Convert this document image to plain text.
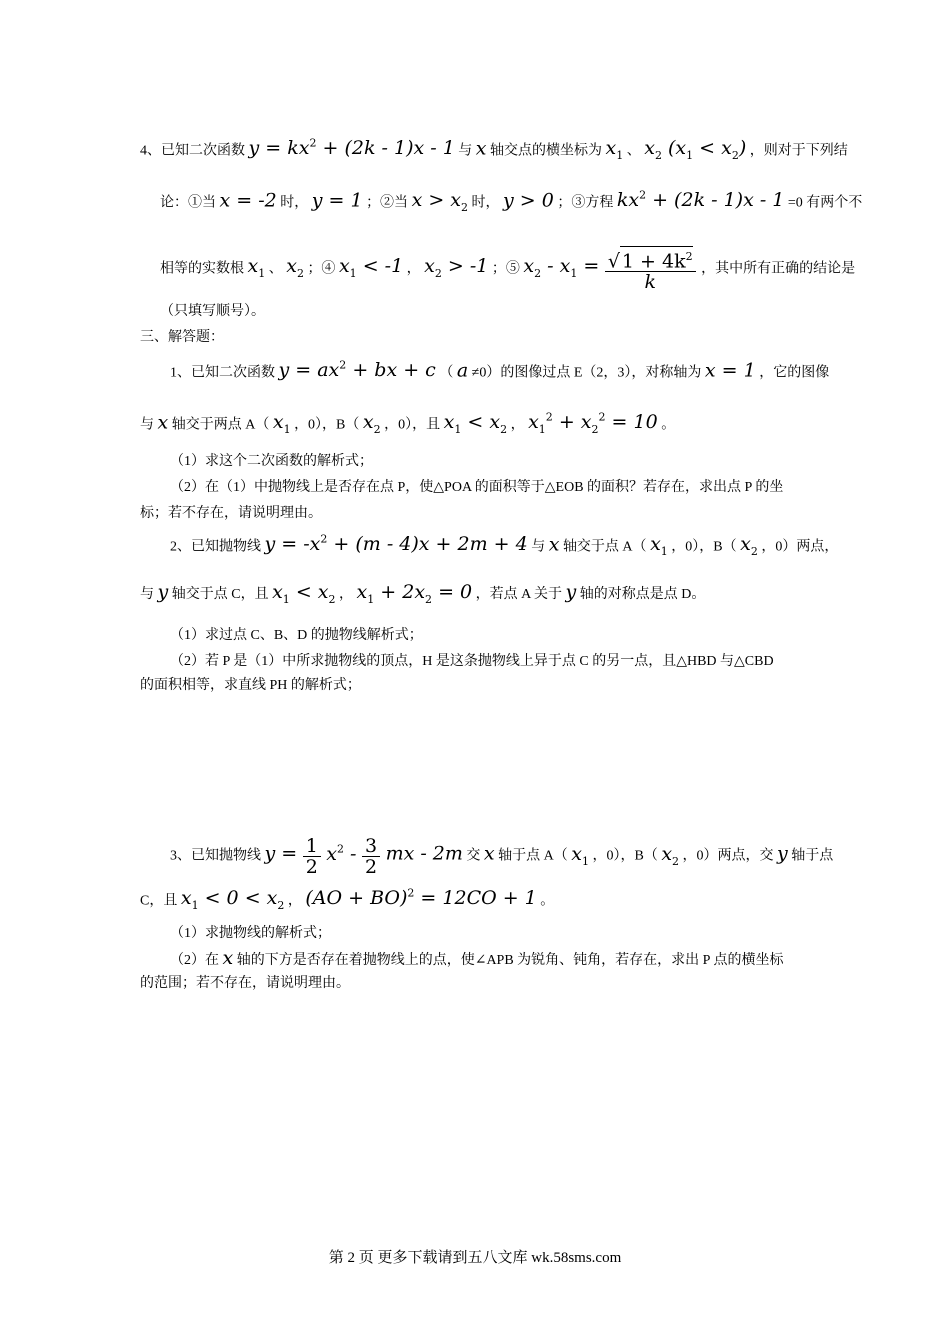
4、已知二次函数 $y = kx^2 + (2k - 1)x - 1$ 与 x 轴交点的横坐标为 $x_1$ 、 $x_2$ $(x_1 < x_2)$ ，则对于下列结
论：①当 x = -2 时， y = 1 ；②当 $x > x_2$ 时， y > 0 ；③方程 $kx^2 + (2k - 1)x - 1 =0$ 有两个不
相等的实数根 $x_1$ 、 $x_2$ ；④ $x_1 < -1$ ， $x_2 > -1$ ；⑤ $x_2 - x_1 = \frac{√ 1 + 4k^2}{k}$ ，其中所有正确的结论是
（只填写顺号）。
三、解答题：
1、已知二次函数 $y = ax^2$ + bx + c （ a ≠0）的图像过点 E（2，3），对称轴为 x = 1 ，它的图像
与 x 轴交于两点 A（ $x_1$ ，0），B（ $x_2$ ，0），且 $x_1 < x_2$ ， $x_1^2 + x_2^2 = 10$ 。
（1）求这个二次函数的解析式；
（2）在（1）中抛物线上是否存在点 P，使△POA 的面积等于△EOB 的面积？若存在，求出点 P 的坐
标；若不存在，请说明理由。
2、已知抛物线 $y = -x^2 + (m - 4)x + 2m + 4$ 与 x 轴交于点 A（ $x_1$ ，0），B（ $x_2$ ，0）两点，
与 y 轴交于点 C，且 $x_1 < x_2$ ， $x_1 + 2x_2 = 0$ ，若点 A 关于 y 轴的对称点是点 D。
（1）求过点 C、B、D 的抛物线解析式；
（2）若 P 是（1）中所求抛物线的顶点，H 是这条抛物线上异于点 C 的另一点，且△HBD 与△CBD
的面积相等，求直线 PH 的解析式；
3、已知抛物线 $y = \frac{1}{2} x^2 - \frac{3}{2}$ mx - 2m 交 x 轴于点 A（ $x_1$ ，0），B（ $x_2$ ，0）两点，交 y 轴于点
C，且 $x_1 < 0 < x_2$ ， (AO + BO)$^2$ = 12CO + 1 。
（1）求抛物线的解析式；
（2）在 x 轴的下方是否存在着抛物线上的点，使∠APB 为锐角、钝角，若存在，求出 P 点的横坐标
的范围；若不存在，请说明理由。
第 2 页 更多下载请到五八文库 wk.58sms.com
